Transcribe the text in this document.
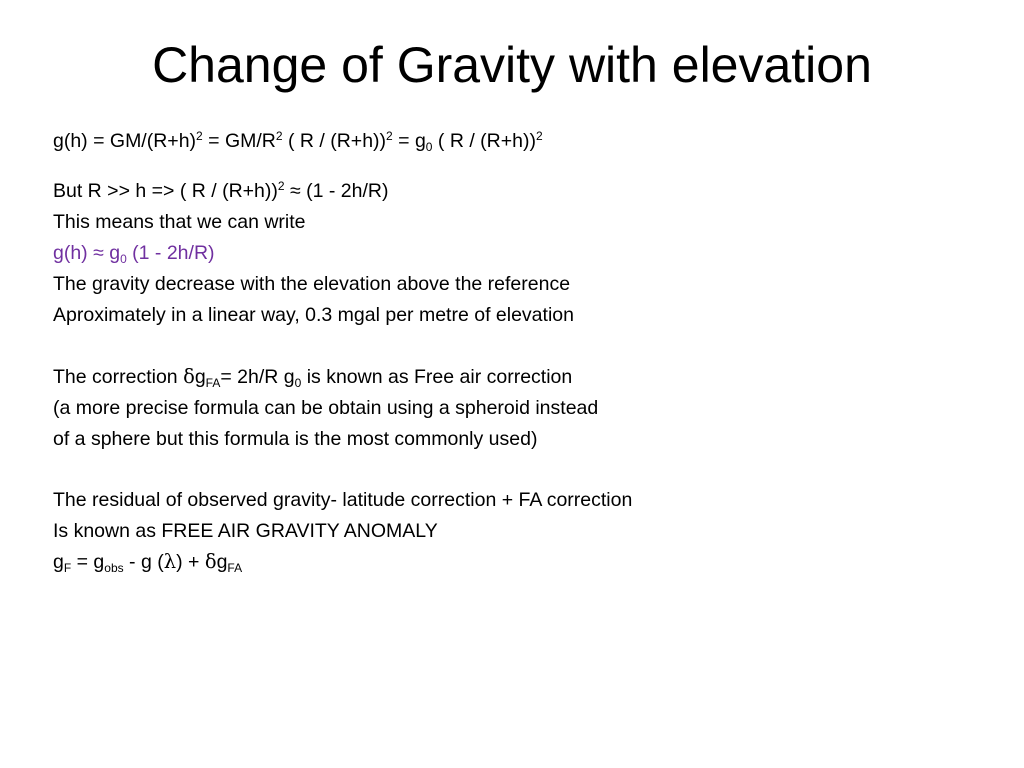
Change of Gravity with elevation
$g(h) = GM/(R+h)^2 = GM/R^2$ ( $R / (R+h))^2 = g_0$ ( R / (R+h))$^2$
But R >> h => ( R / (R+h))$^2$ ≈ (1 - 2h/R)
This means that we can write
$g(h) \approx g_0$ (1 - 2h/R)
The gravity decrease with the elevation above the reference
Aproximately in a linear way, 0.3 mgal per metre of elevation
The correction $\delta g_{FA}= 2h/R$ $g_0$ is known as Free air correction
(a more precise formula can be obtain using a spheroid instead
of a sphere but this formula is the most commonly used)
The residual of observed gravity- latitude correction + FA correction
Is known as FREE AIR GRAVITY ANOMALY
$g_F = g_{obs} - g$ $(\lambda) + \delta g_{FA}$
